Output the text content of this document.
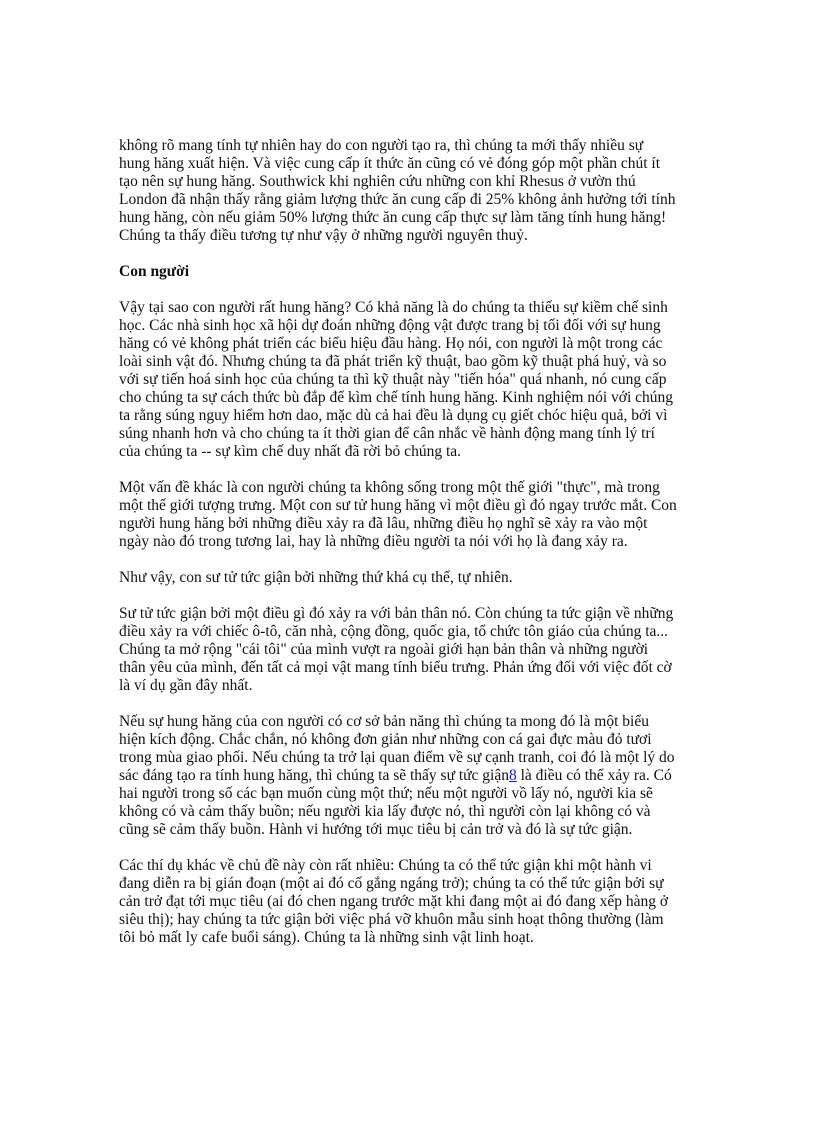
không rõ mang tính tự nhiên hay do con người tạo ra, thì chúng ta mới thấy nhiều sự
hung hăng xuất hiện. Và việc cung cấp ít thức ăn cũng có vẻ đóng góp một phần chút ít
tạo nên sự hung hăng. Southwick khi nghiên cứu những con khỉ Rhesus ở vườn thú
London đã nhận thấy rằng giảm lượng thức ăn cung cấp đi 25% không ảnh hưởng tới tính
hung hăng, còn nếu giảm 50% lượng thức ăn cung cấp thực sự làm tăng tính hung hăng!
Chúng ta thấy điều tương tự như vậy ở những người nguyên thuỷ.
Con người
Vậy tại sao con người rất hung hăng? Có khả năng là do chúng ta thiếu sự kiềm chế sinh
học. Các nhà sinh học xã hội dự đoán những động vật được trang bị tối đối với sự hung
hăng có vẻ không phát triển các biểu hiệu đầu hàng. Họ nói, con người là một trong các
loài sinh vật đó. Nhưng chúng ta đã phát triển kỹ thuật, bao gồm kỹ thuật phá huỷ, và so
với sự tiến hoá sinh học của chúng ta thì kỹ thuật này "tiến hóa" quá nhanh, nó cung cấp
cho chúng ta sự cách thức bù đắp để kìm chế tính hung hăng. Kinh nghiệm nói với chúng
ta rằng súng nguy hiểm hơn dao, mặc dù cả hai đều là dụng cụ giết chóc hiệu quả, bởi vì
súng nhanh hơn và cho chúng ta ít thời gian để cân nhắc về hành động mang tính lý trí
của chúng ta -- sự kìm chế duy nhất đã rời bỏ chúng ta.
Một vấn đề khác là con người chúng ta không sống trong một thế giới "thực", mà trong
một thế giới tượng trưng. Một con sư tử hung hăng vì một điều gì đó ngay trước mắt. Con
người hung hăng bởi những điều xảy ra đã lâu, những điều họ nghĩ sẽ xảy ra vào một
ngày nào đó trong tương lai, hay là những điều người ta nói với họ là đang xảy ra.
Như vậy, con sư tử tức giận bởi những thứ khá cụ thể, tự nhiên.
Sư tử tức giận bởi một điều gì đó xảy ra với bản thân nó. Còn chúng ta tức giận về những
điều xảy ra với chiếc ô-tô, căn nhà, cộng đồng, quốc gia, tổ chức tôn giáo của chúng ta...
Chúng ta mở rộng "cái tôi" của mình vượt ra ngoài giới hạn bản thân và những người
thân yêu của mình, đến tất cả mọi vật mang tính biểu trưng. Phản ứng đối với việc đốt cờ
là ví dụ gần đây nhất.
Nếu sự hung hăng của con người có cơ sở bản năng thì chúng ta mong đó là một biểu
hiện kích động. Chắc chắn, nó không đơn giản như những con cá gai đực màu đỏ tươi
trong mùa giao phối. Nếu chúng ta trở lại quan điểm về sự cạnh tranh, coi đó là một lý do
sác đáng tạo ra tính hung hăng, thì chúng ta sẽ thấy sự tức giận8 là điều có thể xảy ra. Có
hai người trong số các bạn muốn cùng một thứ; nếu một người vồ lấy nó, người kia sẽ
không có và cảm thấy buồn; nếu người kia lấy được nó, thì người còn lại không có và
cũng sẽ cảm thấy buồn. Hành vi hướng tới mục tiêu bị cản trở và đó là sự tức giận.
Các thí dụ khác về chủ đề này còn rất nhiều: Chúng ta có thể tức giận khi một hành vi
đang diễn ra bị gián đoạn (một ai đó cố gắng ngáng trở); chúng ta có thể tức giận bởi sự
cản trở đạt tới mục tiêu (ai đó chen ngang trước mặt khi đang một ai đó đang xếp hàng ở
siêu thị); hay chúng ta tức giận bởi việc phá vỡ khuôn mẫu sinh hoạt thông thường (làm
tôi bỏ mất ly cafe buổi sáng). Chúng ta là những sinh vật linh hoạt.
